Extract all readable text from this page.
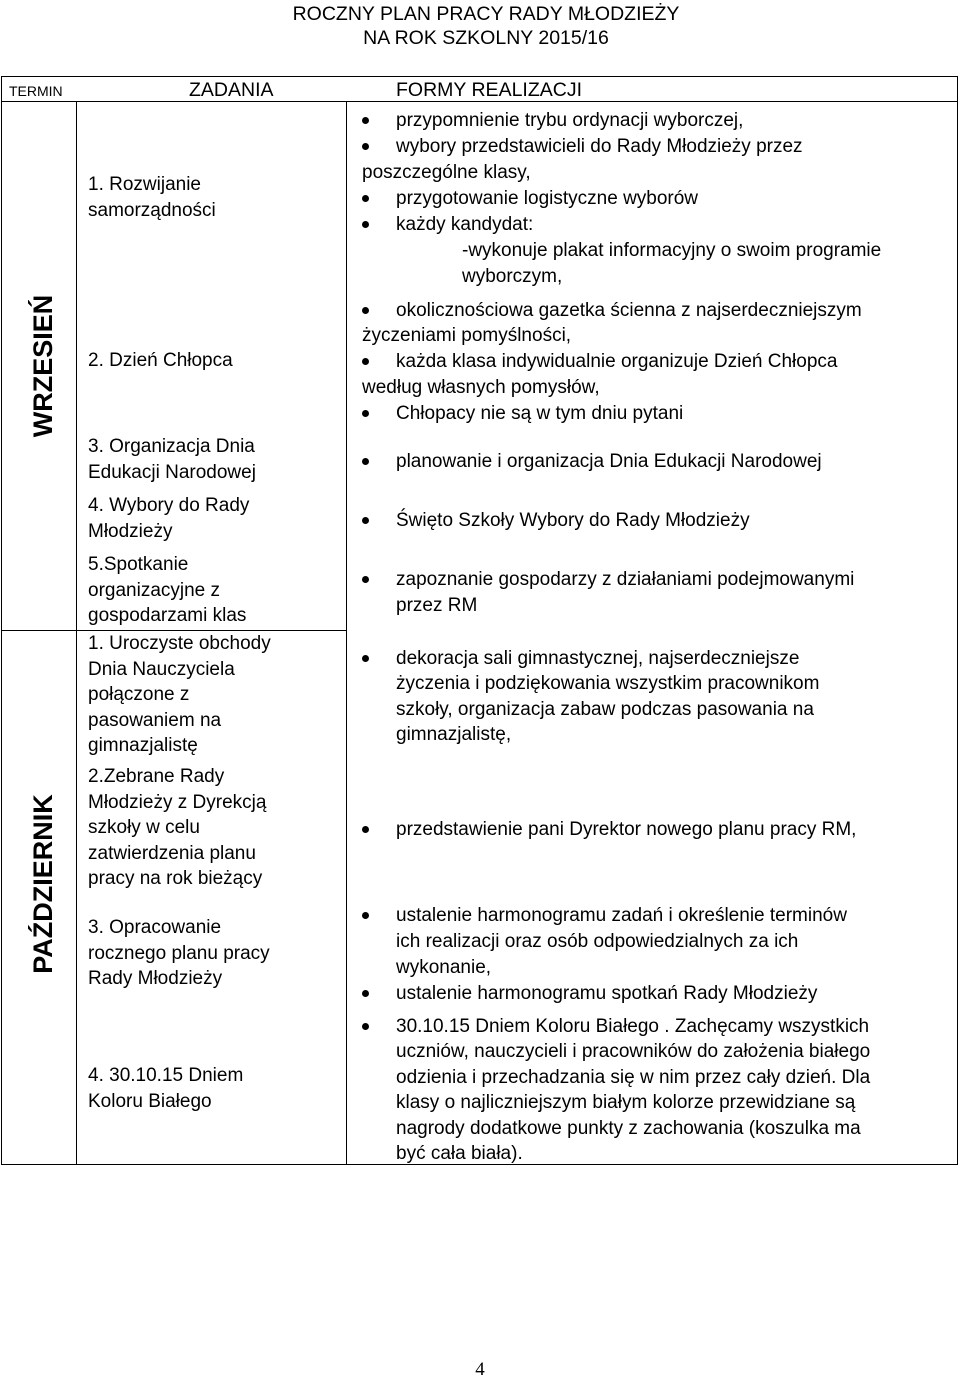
ROCZNY PLAN PRACY RADY MŁODZIEŻY
NA ROK SZKOLNY 2015/16
TERMIN	ZADANIA	FORMY REALIZACJI
WRZESIEŃ
PAŹDZIERNIK
1. Rozwijanie
samorządności
2. Dzień Chłopca
3. Organizacja Dnia
Edukacji Narodowej
4. Wybory do Rady
Młodzieży
5.Spotkanie
organizacyjne z
gospodarzami klas
1. Uroczyste obchody
Dnia Nauczyciela
połączone z
pasowaniem na
gimnazjalistę
2.Zebrane Rady
Młodzieży z Dyrekcją
szkoły w celu
zatwierdzenia planu
pracy na rok bieżący
3. Opracowanie
rocznego planu pracy
Rady Młodzieży
4. 30.10.15 Dniem
Koloru Białego
przypomnienie trybu ordynacji wyborczej,
wybory przedstawicieli do Rady Młodzieży przez
poszczególne klasy,
przygotowanie logistyczne wyborów
każdy kandydat:
-wykonuje plakat informacyjny o swoim programie
wyborczym,
okolicznościowa gazetka ścienna z najserdeczniejszym
życzeniami pomyślności,
każda klasa indywidualnie organizuje Dzień Chłopca
według własnych pomysłów,
Chłopacy nie są w tym dniu pytani
planowanie i organizacja Dnia Edukacji Narodowej
Święto Szkoły Wybory do Rady Młodzieży
zapoznanie gospodarzy z działaniami podejmowanymi
przez RM
dekoracja sali gimnastycznej, najserdeczniejsze
życzenia i podziękowania wszystkim pracownikom
szkoły, organizacja zabaw podczas pasowania na
gimnazjalistę,
przedstawienie pani Dyrektor nowego planu pracy RM,
ustalenie harmonogramu zadań i określenie terminów
ich realizacji oraz osób odpowiedzialnych za ich
wykonanie,
ustalenie harmonogramu spotkań Rady Młodzieży
30.10.15 Dniem Koloru Białego . Zachęcamy wszystkich
uczniów, nauczycieli i pracowników do założenia białego
odzienia i przechadzania się w nim przez cały dzień. Dla
klasy o najliczniejszym białym kolorze przewidziane są
nagrody dodatkowe punkty z zachowania (koszulka ma
być cała biała).
4
